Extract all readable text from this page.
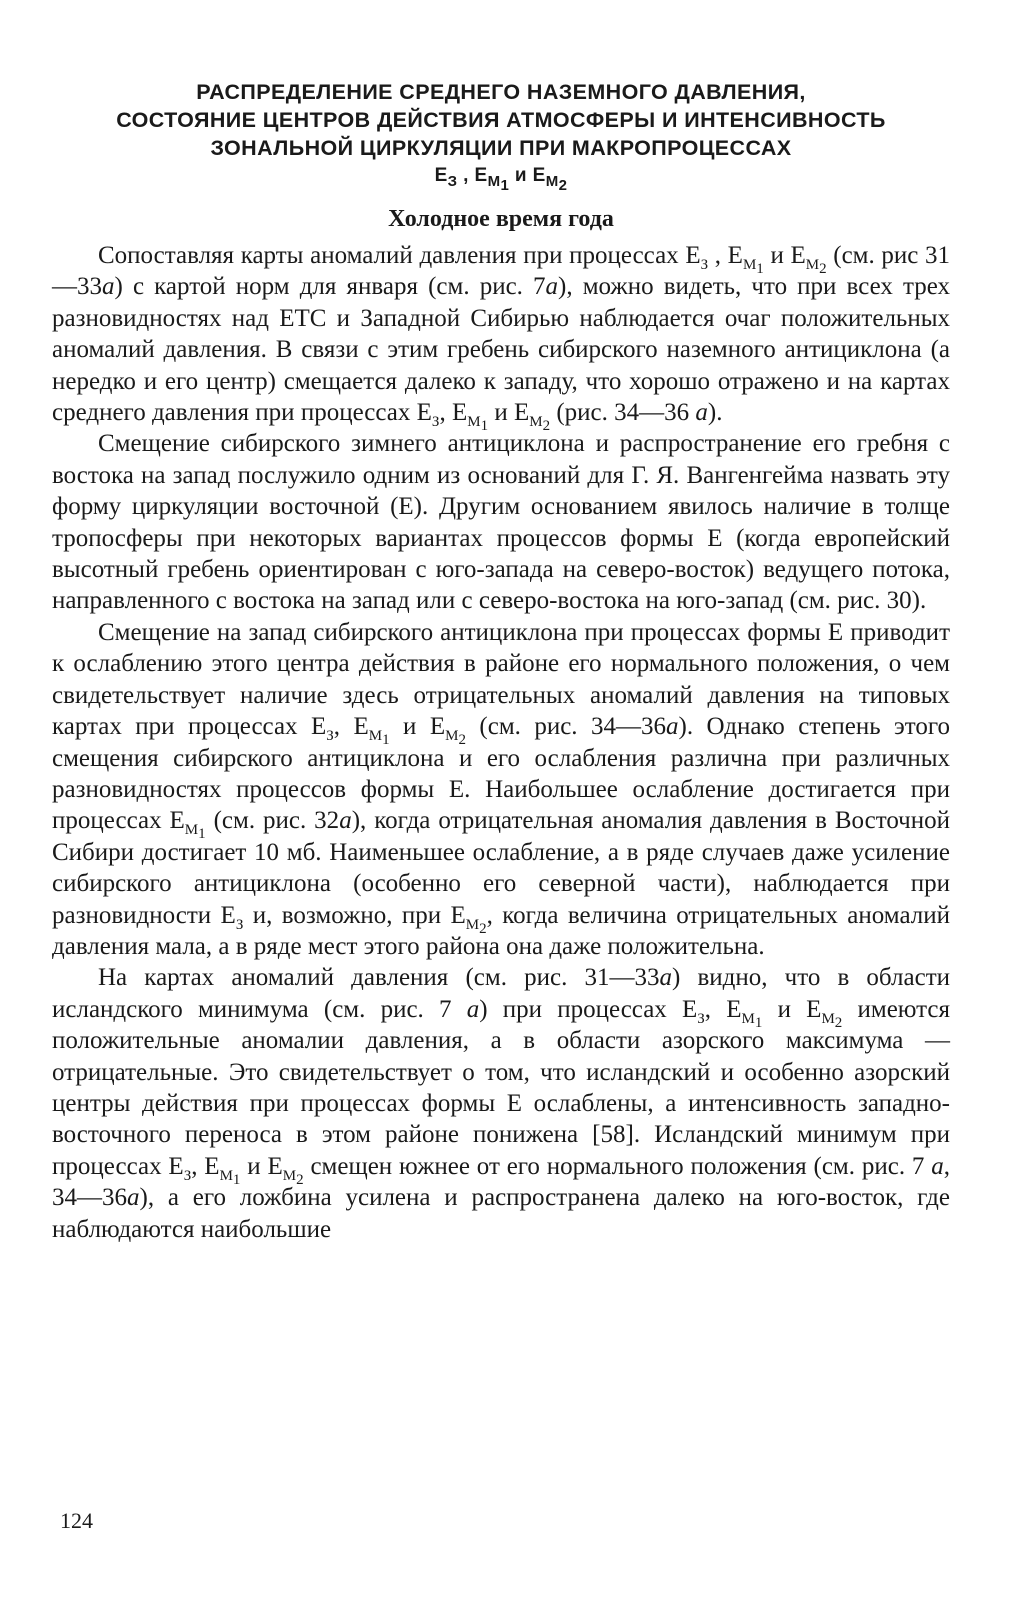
РАСПРЕДЕЛЕНИЕ СРЕДНЕГО НАЗЕМНОГО ДАВЛЕНИЯ,
СОСТОЯНИЕ ЦЕНТРОВ ДЕЙСТВИЯ АТМОСФЕРЫ И ИНТЕНСИВНОСТЬ
ЗОНАЛЬНОЙ ЦИРКУЛЯЦИИ ПРИ МАКРОПРОЦЕССАХ
$E_З$ , $E_{M_1}$ и $E_{M_2}$
Холодное время года

Сопоставляя карты аномалий давления при процессах $E_З$ , $E_{M_1}$ и $E_{M_2}$ (см. рис 31—33а) с картой норм для января (см. рис. 7а), можно видеть, что при всех трех разновидностях над ЕТС и Западной Сибирью наблюдается очаг положительных аномалий давления. В связи с этим гребень сибирского наземного антициклона (а нередко и его центр) смещается далеко к западу, что хорошо отражено и на картах среднего давления при процессах $E_З$, $E_{M_1}$ и $E_{M_2}$ (рис. 34—36 а).

Смещение сибирского зимнего антициклона и распространение его гребня с востока на запад послужило одним из оснований для Г. Я. Вангенгейма назвать эту форму циркуляции восточной (E). Другим основанием явилось наличие в толще тропосферы при некоторых вариантах процессов формы E (когда европейский высотный гребень ориентирован с юго-запада на северо-восток) ведущего потока, направленного с востока на запад или с северо-востока на юго-запад (см. рис. 30).

Смещение на запад сибирского антициклона при процессах формы E приводит к ослаблению этого центра действия в районе его нормального положения, о чем свидетельствует наличие здесь отрицательных аномалий давления на типовых картах при процессах $E_З$, $E_{M_1}$ и $E_{M_2}$ (см. рис. 34—36а). Однако степень этого смещения сибирского антициклона и его ослабления различна при различных разновидностях процессов формы E. Наибольшее ослабление достигается при процессах $E_{M_1}$ (см. рис. 32а), когда отрицательная аномалия давления в Восточной Сибири достигает 10 мб. Наименьшее ослабление, а в ряде случаев даже усиление сибирского антициклона (особенно его северной части), наблюдается при разновидности $E_З$ и, возможно, при $E_{M_2}$, когда величина отрицательных аномалий давления мала, а в ряде мест этого района она даже положительна.

На картах аномалий давления (см. рис. 31—33а) видно, что в области исландского минимума (см. рис. 7 а) при процессах $E_З$, $E_{M_1}$ и $E_{M_2}$ имеются положительные аномалии давления, а в области азорского максимума — отрицательные. Это свидетельствует о том, что исландский и особенно азорский центры действия при процессах формы E ослаблены, а интенсивность западно-восточного переноса в этом районе понижена [58]. Исландский минимум при процессах $E_З$, $E_{M_1}$ и $E_{M_2}$ смещен южнее от его нормального положения (см. рис. 7 а, 34—36а), а его ложбина усилена и распространена далеко на юго-восток, где наблюдаются наибольшие

124
